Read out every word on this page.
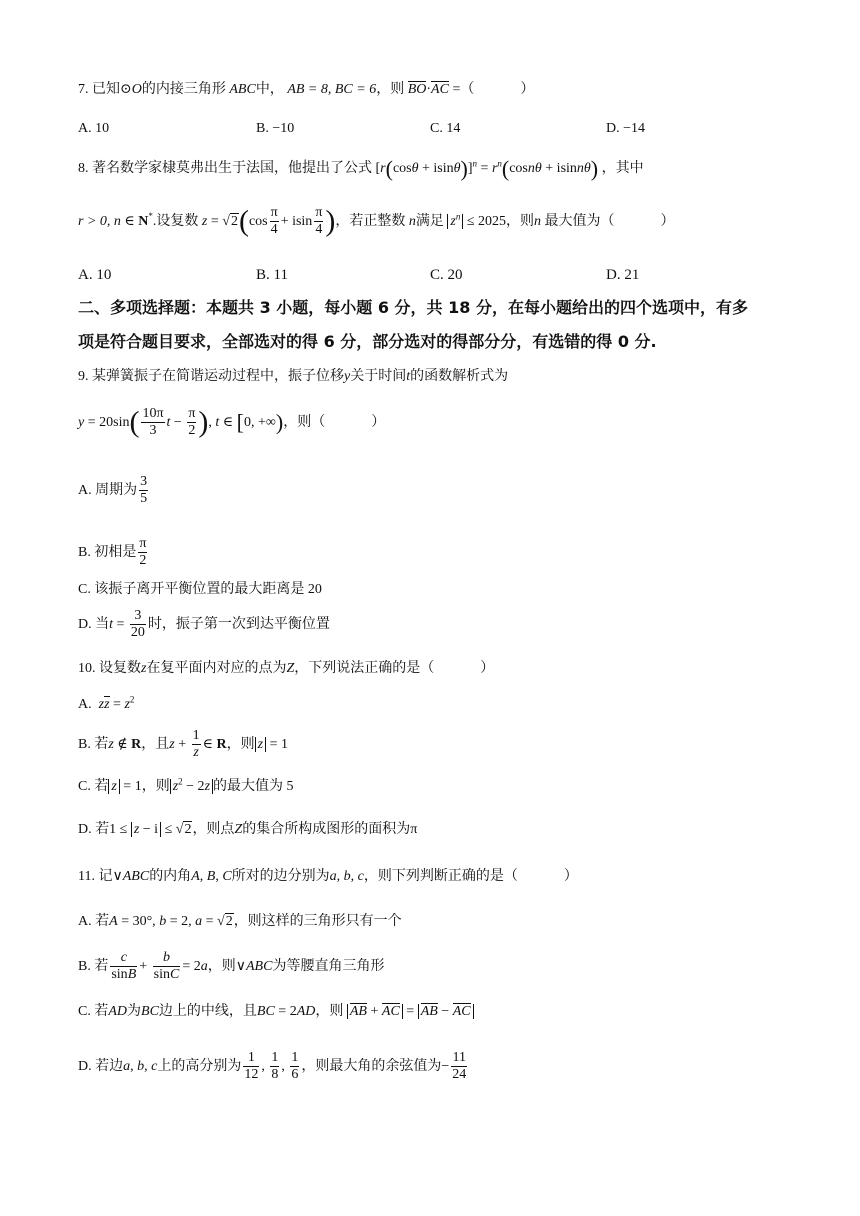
7. 已知⊙O的内接三角形 ABC中， AB = 8, BC = 6，则 BO·AC =（	）
A. 10	B. −10	C. 14	D. −14
8. 著名数学家棣莫弗出生于法国，他提出了公式 $[r(\cos\theta + isin\theta)]^n = r^n(\cos n\theta + isinn\theta)$ ，其中
r > 0, n ∈ N*.设复数 $z = √2(\cos \frac{\pi}{4} + isin \frac{\pi}{4}$ )，若正整数 n满足 $z^n \le 2025$，则n 最大值为（	）
A. 10	B. 11	C. 20	D. 21
二、多项选择题：本题共 3 小题，每小题 6 分，共 18 分，在每小题给出的四个选项中，有多
项是符合题目要求，全部选对的得 6 分，部分选对的得部分分，有选错的得 0 分.
9. 某弹簧振子在简谐运动过程中，振子位移y关于时间t的函数解析式为
$y = 20\sin( \frac{10\pi}{3}$ $t - \frac{\pi}{2}$ ), t ∈ [0, +∞)，则（	）
A. 周期为 $\frac{3}{5}$
B. 初相是 $\frac{\pi}{2}$
C. 该振子离开平衡位置的最大距离是 20
D. 当$t = \frac{3}{20}$ 时，振子第一次到达平衡位置
10. 设复数z在复平面内对应的点为Z，下列说法正确的是（	）
A. zz = $z^2$
B. 若z ∉ R，且$z + \frac{1}{z}$ ∈ R，则 z = 1
C. 若 z = 1，则 $z^2 - 2z$ 的最大值为 5
D. 若1 ≤ z − i ≤ √2，则点Z的集合所构成图形的面积为π
11. 记∨ABC的内角A, B, C所对的边分别为a, b, c，则下列判断正确的是（	）
A. 若A = 30°, b = 2, a = √2，则这样的三角形只有一个
B. 若 $\frac{c}{\sin B} + \frac{b}{\sin C} = 2a$，则∨ABC为等腰直角三角形
C. 若AD为BC边上的中线，且BC = 2AD，则 AB + AC = AB − AC
D. 若边a, b, c上的高分别为 $\frac{1}{12}$ , $\frac{1}{8}$ , $\frac{1}{6}$ ，则最大角的余弦值为− $\frac{11}{24}$
